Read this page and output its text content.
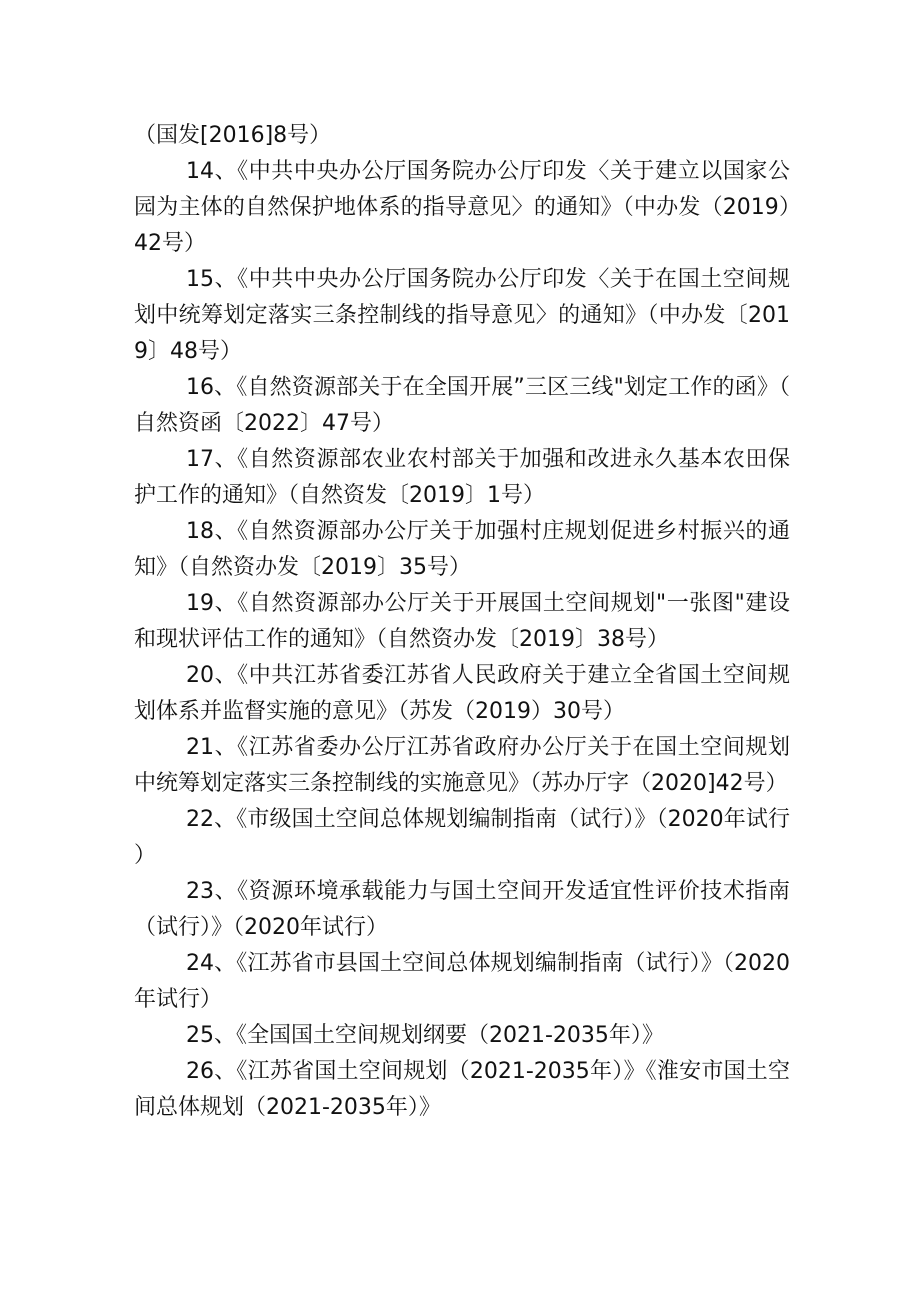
（国发[2016]8号）

14、《中共中央办公厅国务院办公厅印发〈关于建立以国家公园为主体的自然保护地体系的指导意见〉的通知》（中办发（2019）42号）

15、《中共中央办公厅国务院办公厅印发〈关于在国土空间规划中统筹划定落实三条控制线的指导意见〉的通知》（中办发〔2019〕48号）

16、《自然资源部关于在全国开展”三区三线"划定工作的函》（自然资函〔2022〕47号）

17、《自然资源部农业农村部关于加强和改进永久基本农田保护工作的通知》（自然资发〔2019〕1号）

18、《自然资源部办公厅关于加强村庄规划促进乡村振兴的通知》（自然资办发〔2019〕35号）

19、《自然资源部办公厅关于开展国土空间规划"一张图"建设和现状评估工作的通知》（自然资办发〔2019〕38号）

20、《中共江苏省委江苏省人民政府关于建立全省国土空间规划体系并监督实施的意见》（苏发（2019）30号）

21、《江苏省委办公厅江苏省政府办公厅关于在国土空间规划中统筹划定落实三条控制线的实施意见》（苏办厅字（2020]42号）

22、《市级国土空间总体规划编制指南（试行）》（2020年试行）

23、《资源环境承载能力与国土空间开发适宜性评价技术指南（试行）》（2020年试行）

24、《江苏省市县国土空间总体规划编制指南（试行）》（2020年试行）

25、《全国国土空间规划纲要（2021-2035年）》

26、《江苏省国土空间规划（2021-2035年）》《淮安市国土空间总体规划（2021-2035年）》
